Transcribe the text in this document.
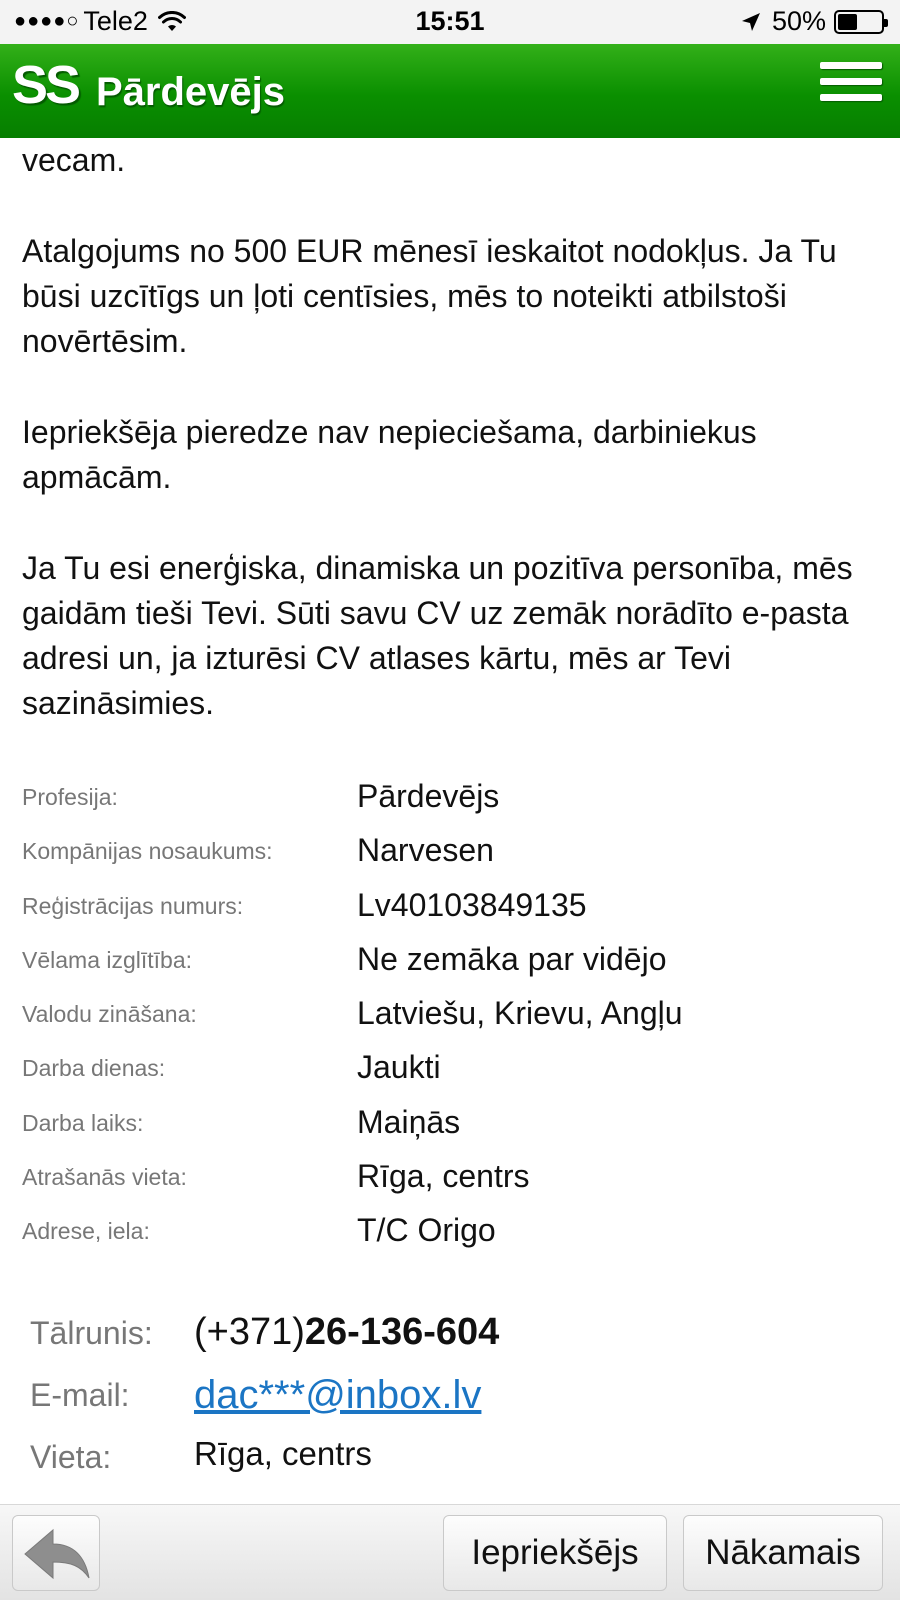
●●●●○ Tele2	15:51	50%
SS Pārdevējs

vecam.

Atalgojums no 500 EUR mēnesī ieskaitot nodokļus. Ja Tu būsi uzcītīgs un ļoti centīsies, mēs to noteikti atbilstoši novērtēsim.

Iepriekšēja pieredze nav nepieciešama, darbiniekus apmācām.

Ja Tu esi enerģiska, dinamiska un pozitīva personība, mēs gaidām tieši Tevi. Sūti savu CV uz zemāk norādīto e-pasta adresi un, ja izturēsi CV atlases kārtu, mēs ar Tevi sazināsimies.

Profesija:	Pārdevējs
Kompānijas nosaukums:	Narvesen
Reģistrācijas numurs:	Lv40103849135
Vēlama izglītība:	Ne zemāka par vidējo
Valodu zināšana:	Latviešu, Krievu, Angļu
Darba dienas:	Jaukti
Darba laiks:	Maiņās
Atrašanās vieta:	Rīga, centrs
Adrese, iela:	T/C Origo
Tālrunis: (+371)26-136-604
E-mail: dac***@inbox.lv
Vieta:	Rīga, centrs
Iepriekšējs	Nākamais
